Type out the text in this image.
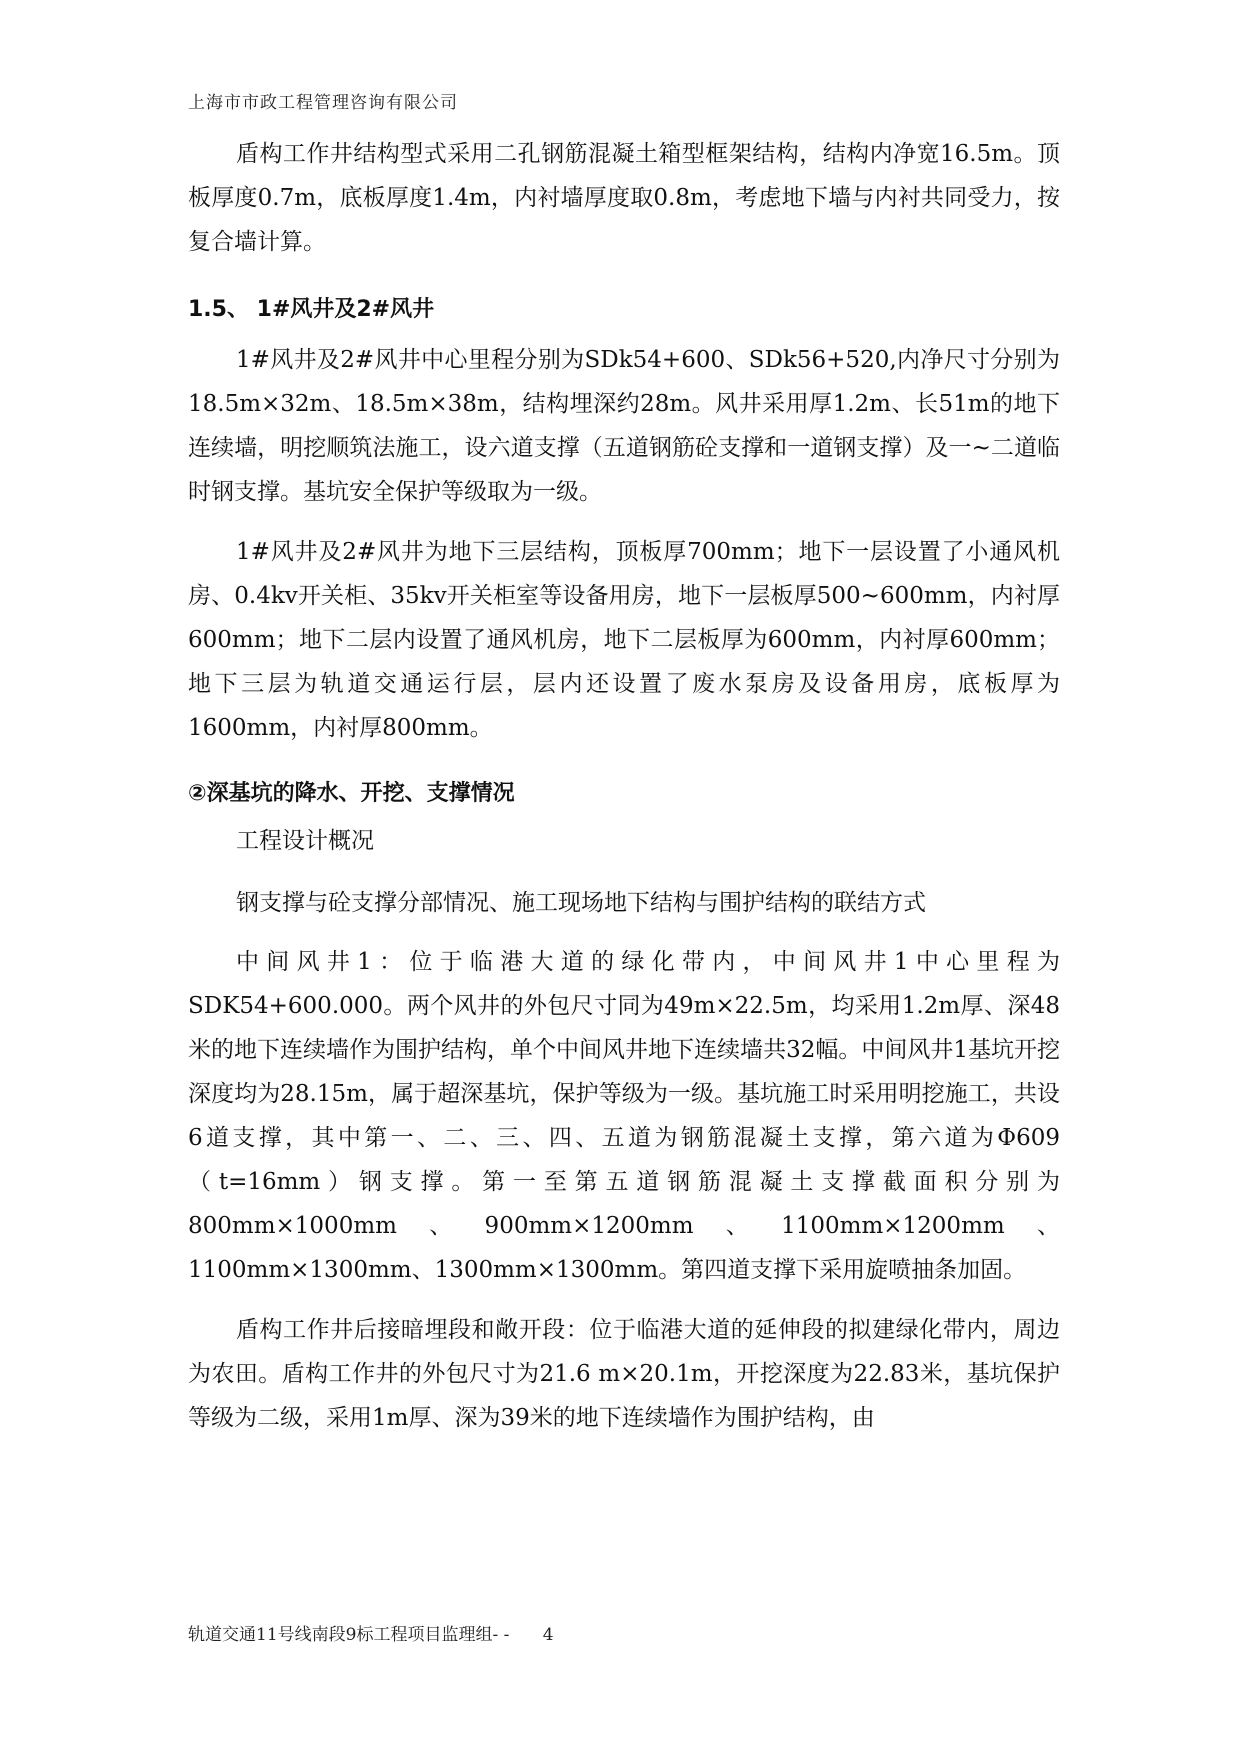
上海市市政工程管理咨询有限公司

盾构工作井结构型式采用二孔钢筋混凝土箱型框架结构，结构内净宽16.5m。顶板厚度0.7m，底板厚度1.4m，内衬墙厚度取0.8m，考虑地下墙与内衬共同受力，按复合墙计算。

1.5、 1#风井及2#风井

1#风井及2#风井中心里程分别为SDk54+600、SDk56+520,内净尺寸分别为18.5m×32m、18.5m×38m，结构埋深约28m。风井采用厚1.2m、长51m的地下连续墙，明挖顺筑法施工，设六道支撑（五道钢筋砼支撑和一道钢支撑）及一~二道临时钢支撑。基坑安全保护等级取为一级。

1#风井及2#风井为地下三层结构，顶板厚700mm；地下一层设置了小通风机房、0.4kv开关柜、35kv开关柜室等设备用房，地下一层板厚500~600mm，内衬厚600mm；地下二层内设置了通风机房，地下二层板厚为600mm，内衬厚600mm；地下三层为轨道交通运行层，层内还设置了废水泵房及设备用房，底板厚为1600mm，内衬厚800mm。

②深基坑的降水、开挖、支撑情况

工程设计概况

钢支撑与砼支撑分部情况、施工现场地下结构与围护结构的联结方式

中间风井1：位于临港大道的绿化带内，中间风井1中心里程为SDK54+600.000。两个风井的外包尺寸同为49m×22.5m，均采用1.2m厚、深48米的地下连续墙作为围护结构，单个中间风井地下连续墙共32幅。中间风井1基坑开挖深度均为28.15m，属于超深基坑，保护等级为一级。基坑施工时采用明挖施工，共设6道支撑，其中第一、二、三、四、五道为钢筋混凝土支撑，第六道为Φ609（t=16mm）钢支撑。第一至第五道钢筋混凝土支撑截面积分别为800mm×1000mm、900mm×1200mm、1100mm×1200mm、1100mm×1300mm、1300mm×1300mm。第四道支撑下采用旋喷抽条加固。

盾构工作井后接暗埋段和敞开段：位于临港大道的延伸段的拟建绿化带内，周边为农田。盾构工作井的外包尺寸为21.6 m×20.1m，开挖深度为22.83米，基坑保护等级为二级，采用1m厚、深为39米的地下连续墙作为围护结构，由

轨道交通11号线南段9标工程项目监理组- - 4
